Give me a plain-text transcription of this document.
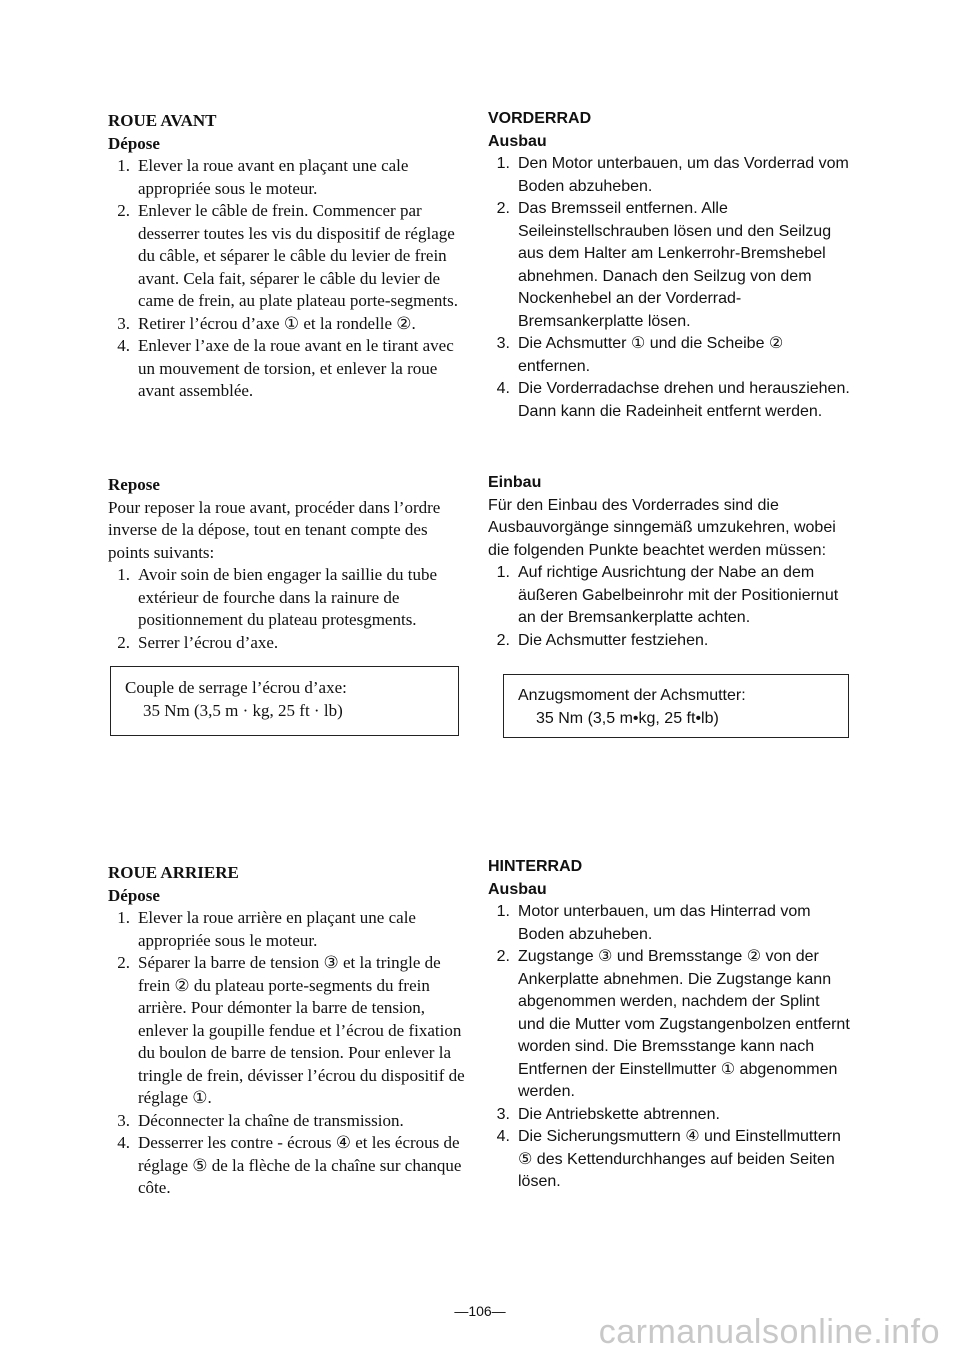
ROUE AVANT

Dépose

1. Elever la roue avant en plaçant une cale appropriée sous le moteur.
2. Enlever le câble de frein. Commencer par desserrer toutes les vis du dispositif de réglage du câble, et séparer le câble du levier de frein avant. Cela fait, séparer le câble du levier de came de frein, au plate plateau porte-segments.
3. Retirer l’écrou d’axe ① et la rondelle ②.
4. Enlever l’axe de la roue avant en le tirant avec un mouvement de torsion, et enlever la roue avant assemblée.

Repose

Pour reposer la roue avant, procéder dans l’ordre inverse de la dépose, tout en tenant compte des points suivants:

1. Avoir soin de bien engager la saillie du tube extérieur de fourche dans la rainure de positionnement du plateau protesgments.
2. Serrer l’écrou d’axe.
Couple de serrage l’écrou d’axe:
35 Nm (3,5 m · kg, 25 ft · lb)

VORDERRAD

Ausbau

1. Den Motor unterbauen, um das Vorderrad vom Boden abzuheben.
2. Das Bremsseil entfernen. Alle Seileinstellschrauben lösen und den Seilzug aus dem Halter am Lenkerrohr-Bremshebel abnehmen. Danach den Seilzug von dem Nockenhebel an der Vorderrad-Bremsankerplatte lösen.
3. Die Achsmutter ① und die Scheibe ② entfernen.
4. Die Vorderradachse drehen und herausziehen. Dann kann die Radeinheit entfernt werden.

Einbau

Für den Einbau des Vorderrades sind die Ausbauvorgänge sinngemäß umzukehren, wobei die folgenden Punkte beachtet werden müssen:

1. Auf richtige Ausrichtung der Nabe an dem äußeren Gabelbeinrohr mit der Positioniernut an der Bremsankerplatte achten.
2. Die Achsmutter festziehen.
Anzugsmoment der Achsmutter:
35 Nm (3,5 m•kg, 25 ft•lb)

ROUE ARRIERE

Dépose

1. Elever la roue arrière en plaçant une cale appropriée sous le moteur.
2. Séparer la barre de tension ③ et la tringle de frein ② du plateau porte-segments du frein arrière. Pour démonter la barre de tension, enlever la goupille fendue et l’écrou de fixation du boulon de barre de tension. Pour enlever la tringle de frein, dévisser l’écrou du dispositif de réglage ①.
3. Déconnecter la chaîne de transmission.
4. Desserrer les contre - écrous ④ et les écrous de réglage ⑤ de la flèche de la chaîne sur chanque côte.

HINTERRAD

Ausbau

1. Motor unterbauen, um das Hinterrad vom Boden abzuheben.
2. Zugstange ③ und Bremsstange ② von der Ankerplatte abnehmen. Die Zugstange kann abgenommen werden, nachdem der Splint und die Mutter vom Zugstangenbolzen entfernt worden sind. Die Bremsstange kann nach Entfernen der Einstellmutter ① abgenommen werden.
3. Die Antriebskette abtrennen.
4. Die Sicherungsmuttern ④ und Einstellmuttern ⑤ des Kettendurchhanges auf beiden Seiten lösen.
—106—
carmanualsonline.info
